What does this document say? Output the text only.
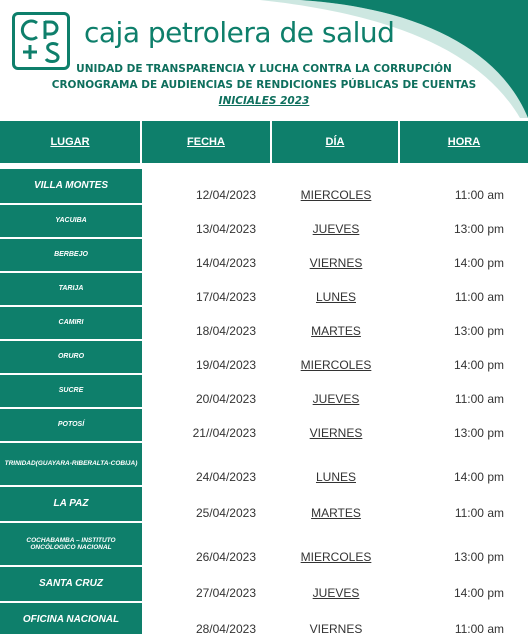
caja petrolera de salud
UNIDAD DE TRANSPARENCIA Y LUCHA CONTRA LA CORRUPCIÓN
CRONOGRAMA DE AUDIENCIAS DE RENDICIONES PÚBLICAS DE CUENTAS
INICIALES 2023
LUGAR	FECHA	DÍA	HORA

VILLA MONTES	12/04/2023	MIERCOLES	11:00 am
YACUIBA	13/04/2023	JUEVES	13:00 pm
BERBEJO	14/04/2023	VIERNES	14:00 pm
TARIJA	17/04/2023	LUNES	11:00 am
CAMIRI	18/04/2023	MARTES	13:00 pm
ORURO	19/04/2023	MIERCOLES	14:00 pm
SUCRE	20/04/2023	JUEVES	11:00 am
POTOSÍ	21//04/2023	VIERNES	13:00 pm
TRINIDAD(GUAYARA-RIBERALTA-COBIJA)	24/04/2023	LUNES	14:00 pm
LA PAZ	25/04/2023	MARTES	11:00 am
COCHABAMBA – INSTITUTO ONCÓLOGICO NACIONAL	26/04/2023	MIERCOLES	13:00 pm
SANTA CRUZ	27/04/2023	JUEVES	14:00 pm
OFICINA NACIONAL	28/04/2023	VIERNES	11:00 am
